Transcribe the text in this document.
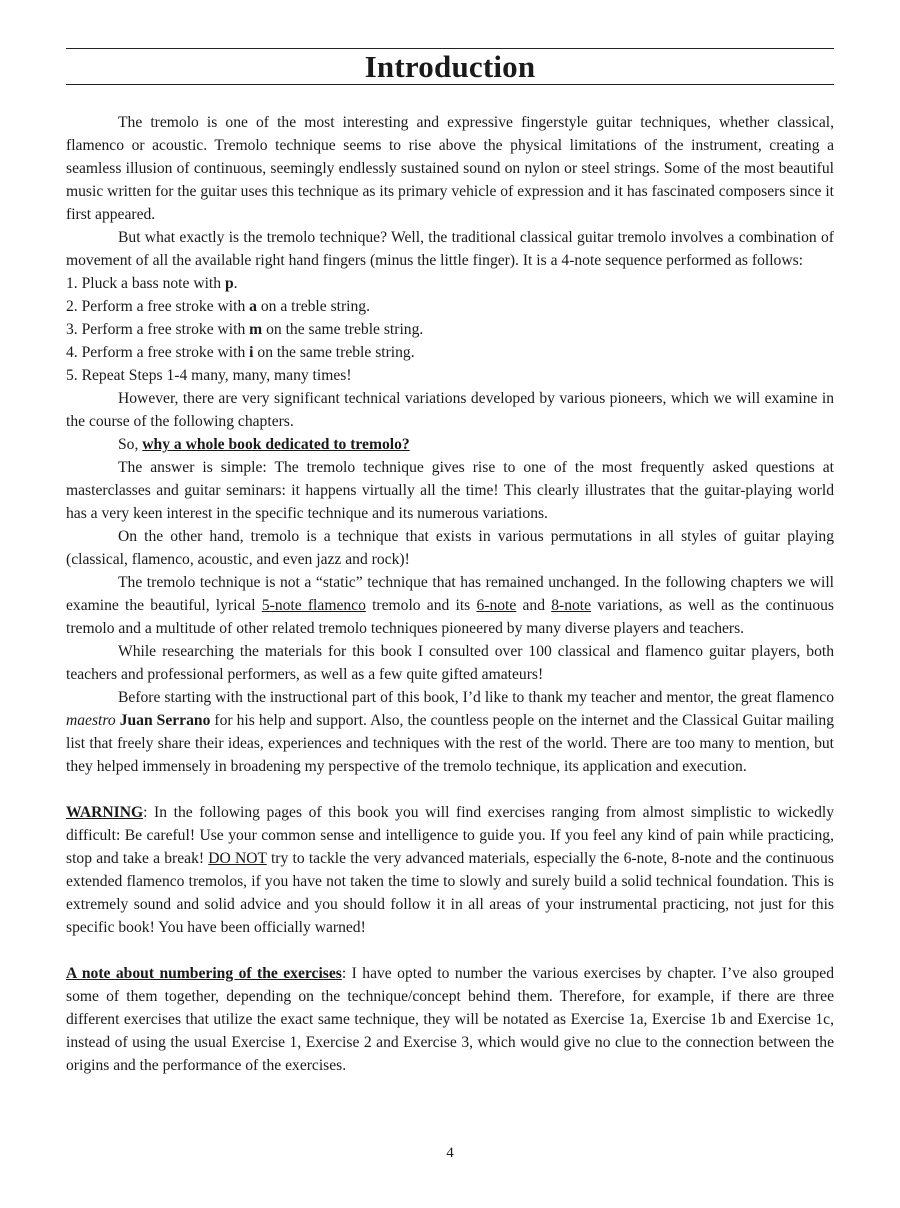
Introduction

The tremolo is one of the most interesting and expressive fingerstyle guitar techniques, whether classical, flamenco or acoustic. Tremolo technique seems to rise above the physical limitations of the instrument, creating a seamless illusion of continuous, seemingly endlessly sustained sound on nylon or steel strings. Some of the most beautiful music written for the guitar uses this technique as its primary vehicle of expression and it has fascinated composers since it first appeared.

But what exactly is the tremolo technique? Well, the traditional classical guitar tremolo involves a combination of movement of all the available right hand fingers (minus the little finger). It is a 4-note sequence performed as follows:

1. Pluck a bass note with p.

2. Perform a free stroke with a on a treble string.

3. Perform a free stroke with m on the same treble string.

4. Perform a free stroke with i on the same treble string.

5. Repeat Steps 1-4 many, many, many times!

However, there are very significant technical variations developed by various pioneers, which we will examine in the course of the following chapters.

So, why a whole book dedicated to tremolo?

The answer is simple: The tremolo technique gives rise to one of the most frequently asked questions at masterclasses and guitar seminars: it happens virtually all the time! This clearly illustrates that the guitar-playing world has a very keen interest in the specific technique and its numerous variations.

On the other hand, tremolo is a technique that exists in various permutations in all styles of guitar playing (classical, flamenco, acoustic, and even jazz and rock)!

The tremolo technique is not a “static” technique that has remained unchanged. In the following chapters we will examine the beautiful, lyrical 5-note flamenco tremolo and its 6-note and 8-note variations, as well as the continuous tremolo and a multitude of other related tremolo techniques pioneered by many diverse players and teachers.

While researching the materials for this book I consulted over 100 classical and flamenco guitar players, both teachers and professional performers, as well as a few quite gifted amateurs!

Before starting with the instructional part of this book, I’d like to thank my teacher and mentor, the great flamenco maestro Juan Serrano for his help and support. Also, the countless people on the internet and the Classical Guitar mailing list that freely share their ideas, experiences and techniques with the rest of the world. There are too many to mention, but they helped immensely in broadening my perspective of the tremolo technique, its application and execution.

WARNING: In the following pages of this book you will find exercises ranging from almost simplistic to wickedly difficult: Be careful! Use your common sense and intelligence to guide you. If you feel any kind of pain while practicing, stop and take a break! DO NOT try to tackle the very advanced materials, especially the 6-note, 8-note and the continuous extended flamenco tremolos, if you have not taken the time to slowly and surely build a solid technical foundation. This is extremely sound and solid advice and you should follow it in all areas of your instrumental practicing, not just for this specific book! You have been officially warned!

A note about numbering of the exercises: I have opted to number the various exercises by chapter. I’ve also grouped some of them together, depending on the technique/concept behind them. Therefore, for example, if there are three different exercises that utilize the exact same technique, they will be notated as Exercise 1a, Exercise 1b and Exercise 1c, instead of using the usual Exercise 1, Exercise 2 and Exercise 3, which would give no clue to the connection between the origins and the performance of the exercises.

4
